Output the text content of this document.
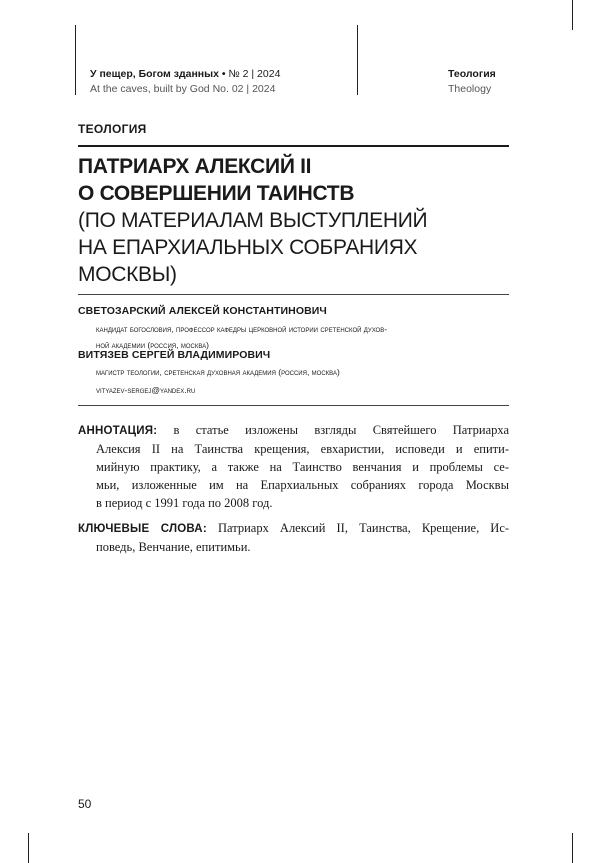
У пещер, Богом зданных • № 2 | 2024
At the caves, built by God No. 02 | 2024
Теология
Theology
ТЕОЛОГИЯ
ПАТРИАРХ АЛЕКСИЙ II
О СОВЕРШЕНИИ ТАИНСТВ
(ПО МАТЕРИАЛАМ ВЫСТУПЛЕНИЙ
НА ЕПАРХИАЛЬНЫХ СОБРАНИЯХ
МОСКВЫ)
СВЕТОЗАРСКИЙ АЛЕКСЕЙ КОНСТАНТИНОВИЧ
кандидат богословия, профессор кафедры церковной истории сретенской духов-
ной академии (россия, москва)
ВИТЯЗЕВ СЕРГЕЙ ВЛАДИМИРОВИЧ
магистр теологии, сретенская духовная академия (россия, москва)
vityazev-sergej@yandex.ru
АННОТАЦИЯ: в статье изложены взгляды Святейшего Патриарха
Алексия II на Таинства крещения, евхаристии, исповеди и епити-
мийную практику, а также на Таинство венчания и проблемы се-
мьи, изложенные им на Епархиальных собраниях города Москвы
в период с 1991 года по 2008 год.
КЛЮЧЕВЫЕ СЛОВА: Патриарх Алексий II, Таинства, Крещение, Ис-
поведь, Венчание, епитимьи.
50
